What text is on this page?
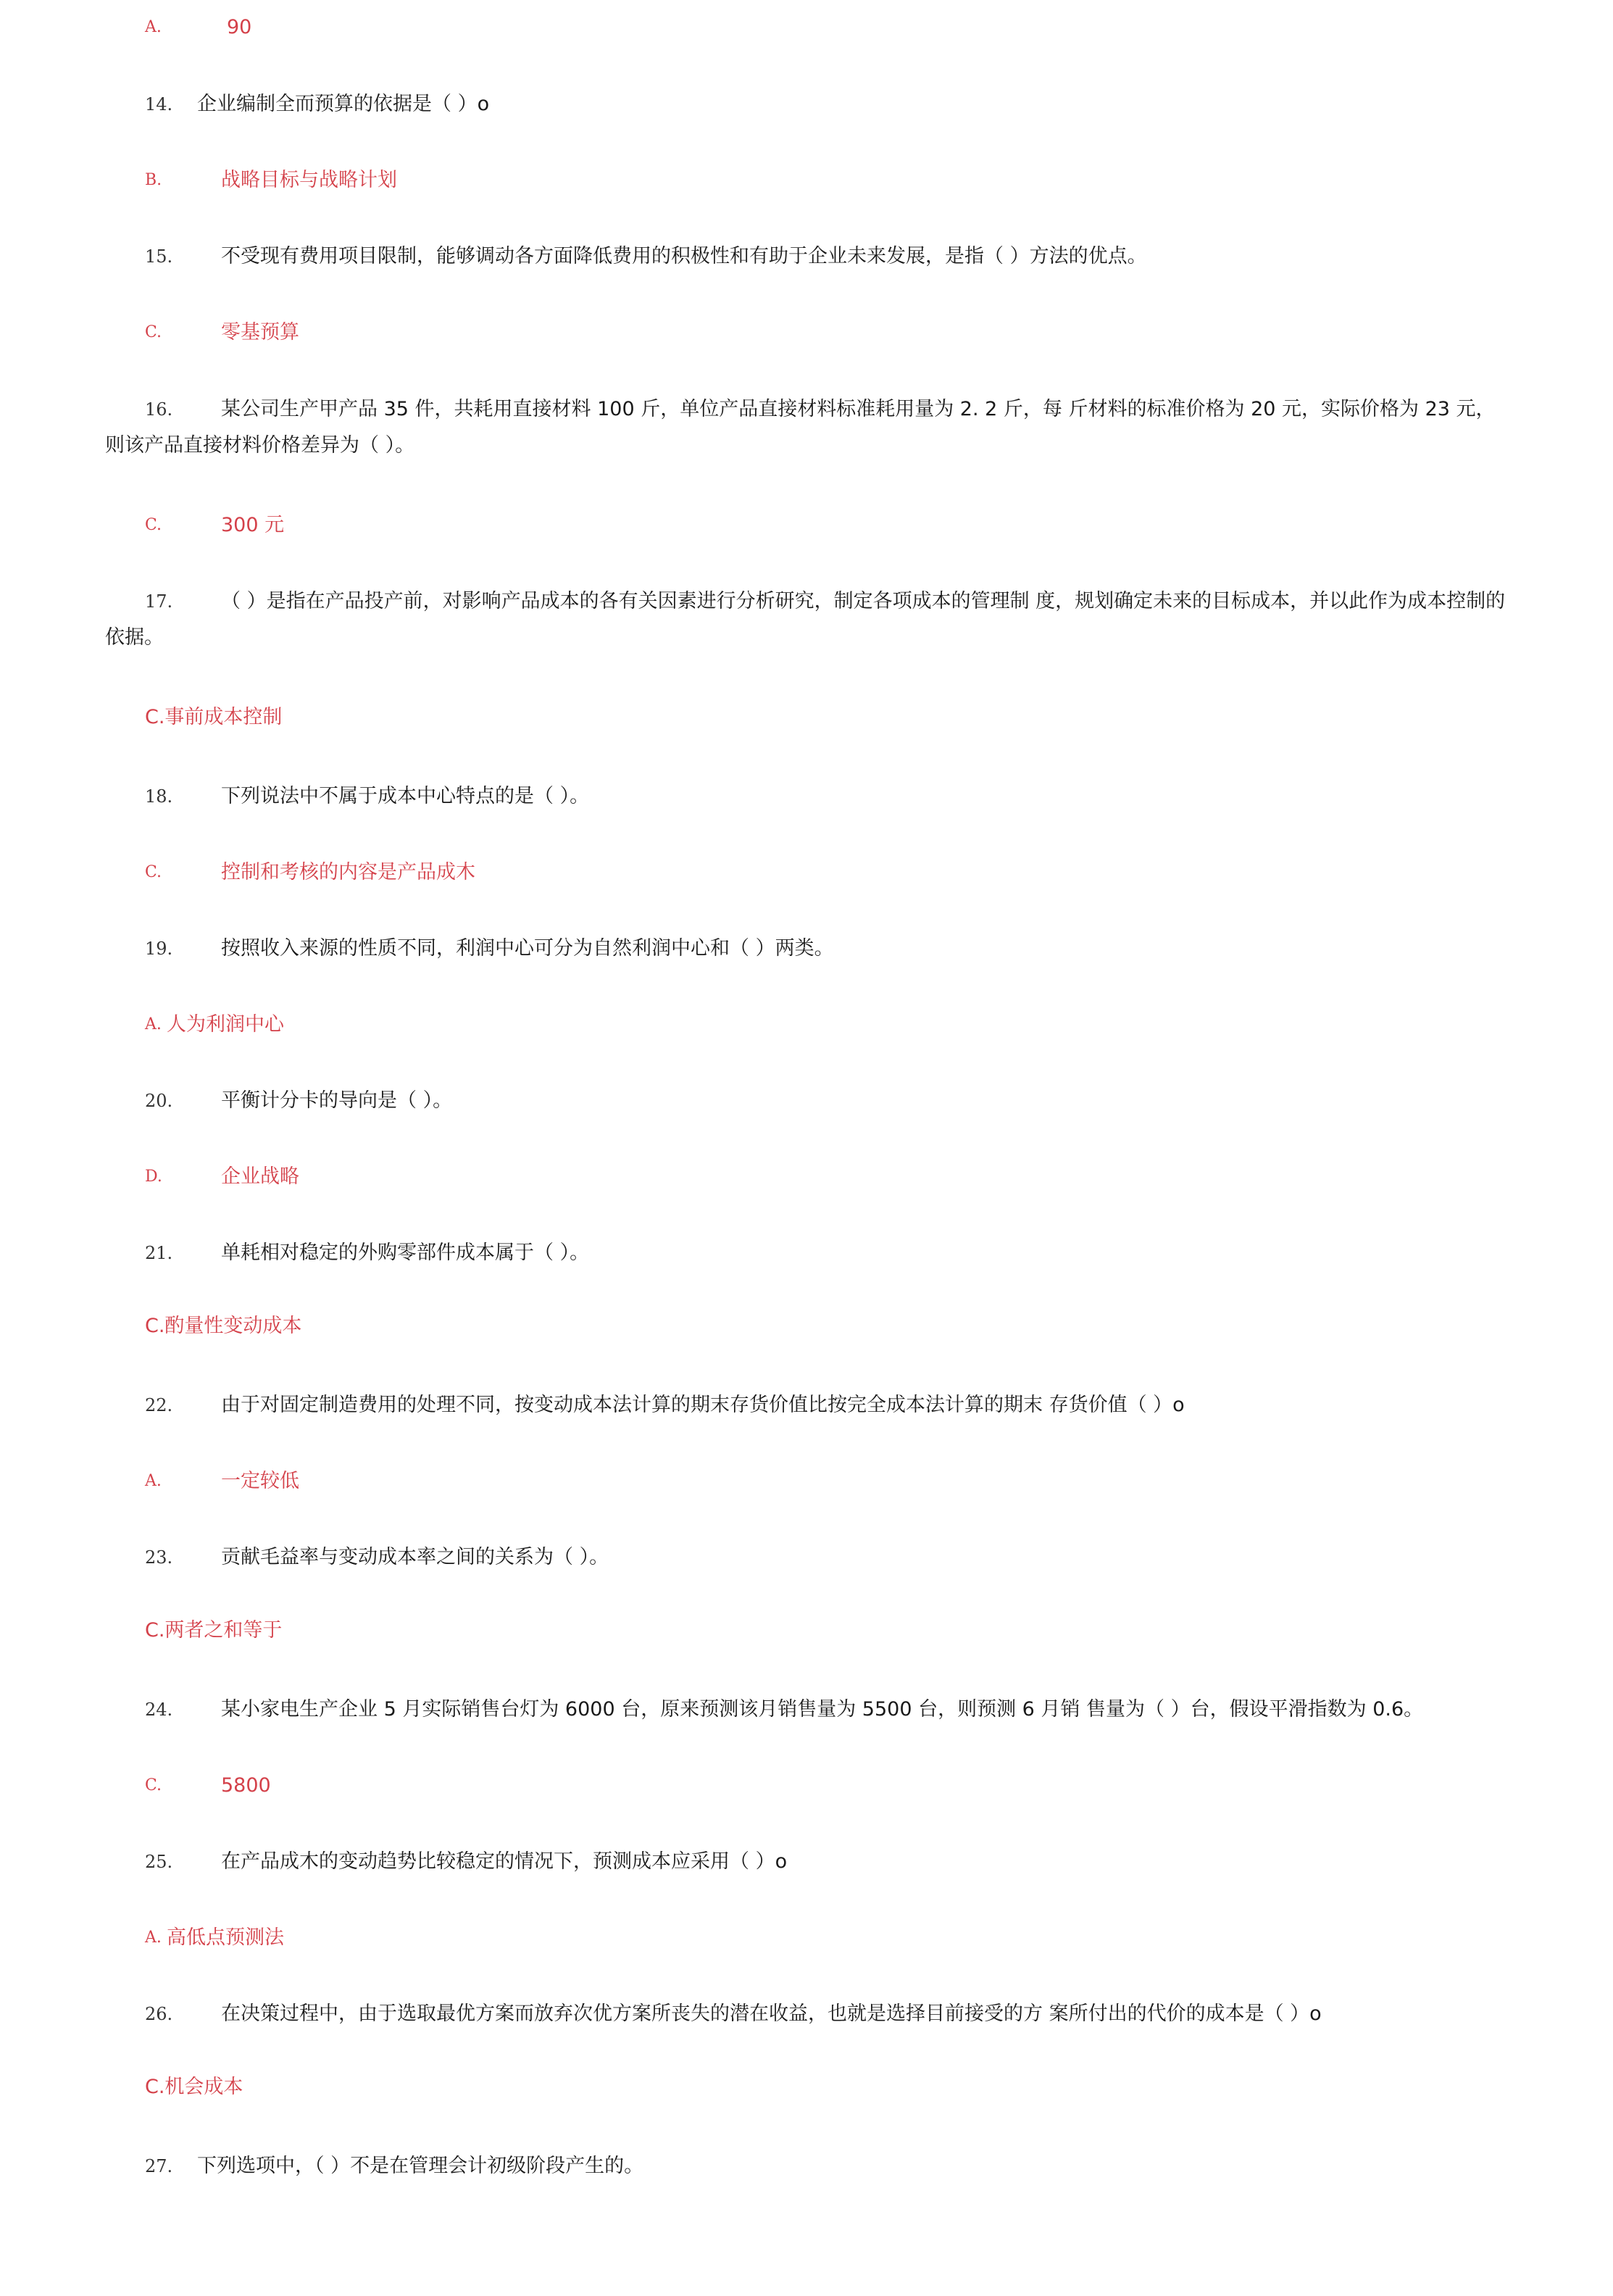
A.	90
14. 企业编制全而预算的依据是（ ）o
B.	战略目标与战略计划
15. 不受现有费用项目限制，能够调动各方面降低费用的积极性和有助于企业未来发展，是指（ ）方法的优点。
C.	零基预算
16.	某公司生产甲产品 35 件，共耗用直接材料 100 斤，单位产品直接材料标准耗用量为 2. 2 斤，每 斤材料的标准价格为 20 元，实际价格为 23 元，则该产品直接材料价格差异为（ ）。
C.	300 元
17.	（ ）是指在产品投产前，对影响产品成本的各有关因素进行分析研究，制定各项成本的管理制 度，规划确定未来的目标成本，并以此作为成本控制的依据。
C.事前成本控制
18. 下列说法中不属于成本中心特点的是（ ）。
C.	控制和考核的内容是产品成木
19. 按照收入来源的性质不同，利润中心可分为自然利润中心和（ ）两类。
A. 人为利润中心
20. 平衡计分卡的导向是（ ）。
D.	企业战略
21. 单耗相对稳定的外购零部件成本属于（ ）。
C.酌量性变动成本
22. 由于对固定制造费用的处理不同，按变动成本法计算的期末存货价值比按完全成本法计算的期末 存货价值（ ）o
A.	一定较低
23. 贡献毛益率与变动成本率之间的关系为（ ）。
C.两者之和等于
24. 某小家电生产企业 5 月实际销售台灯为 6000 台，原来预测该月销售量为 5500 台，则预测 6 月销 售量为（ ）台，假设平滑指数为 0.6。
C.	5800
25. 在产品成木的变动趋势比较稳定的情况下，预测成本应采用（ ）o
A. 高低点预测法
26. 在决策过程中，由于选取最优方案而放弃次优方案所丧失的潜在收益，也就是选择目前接受的方 案所付出的代价的成本是（ ）o
C.机会成本
27. 下列选项中，（ ）不是在管理会计初级阶段产生的。
